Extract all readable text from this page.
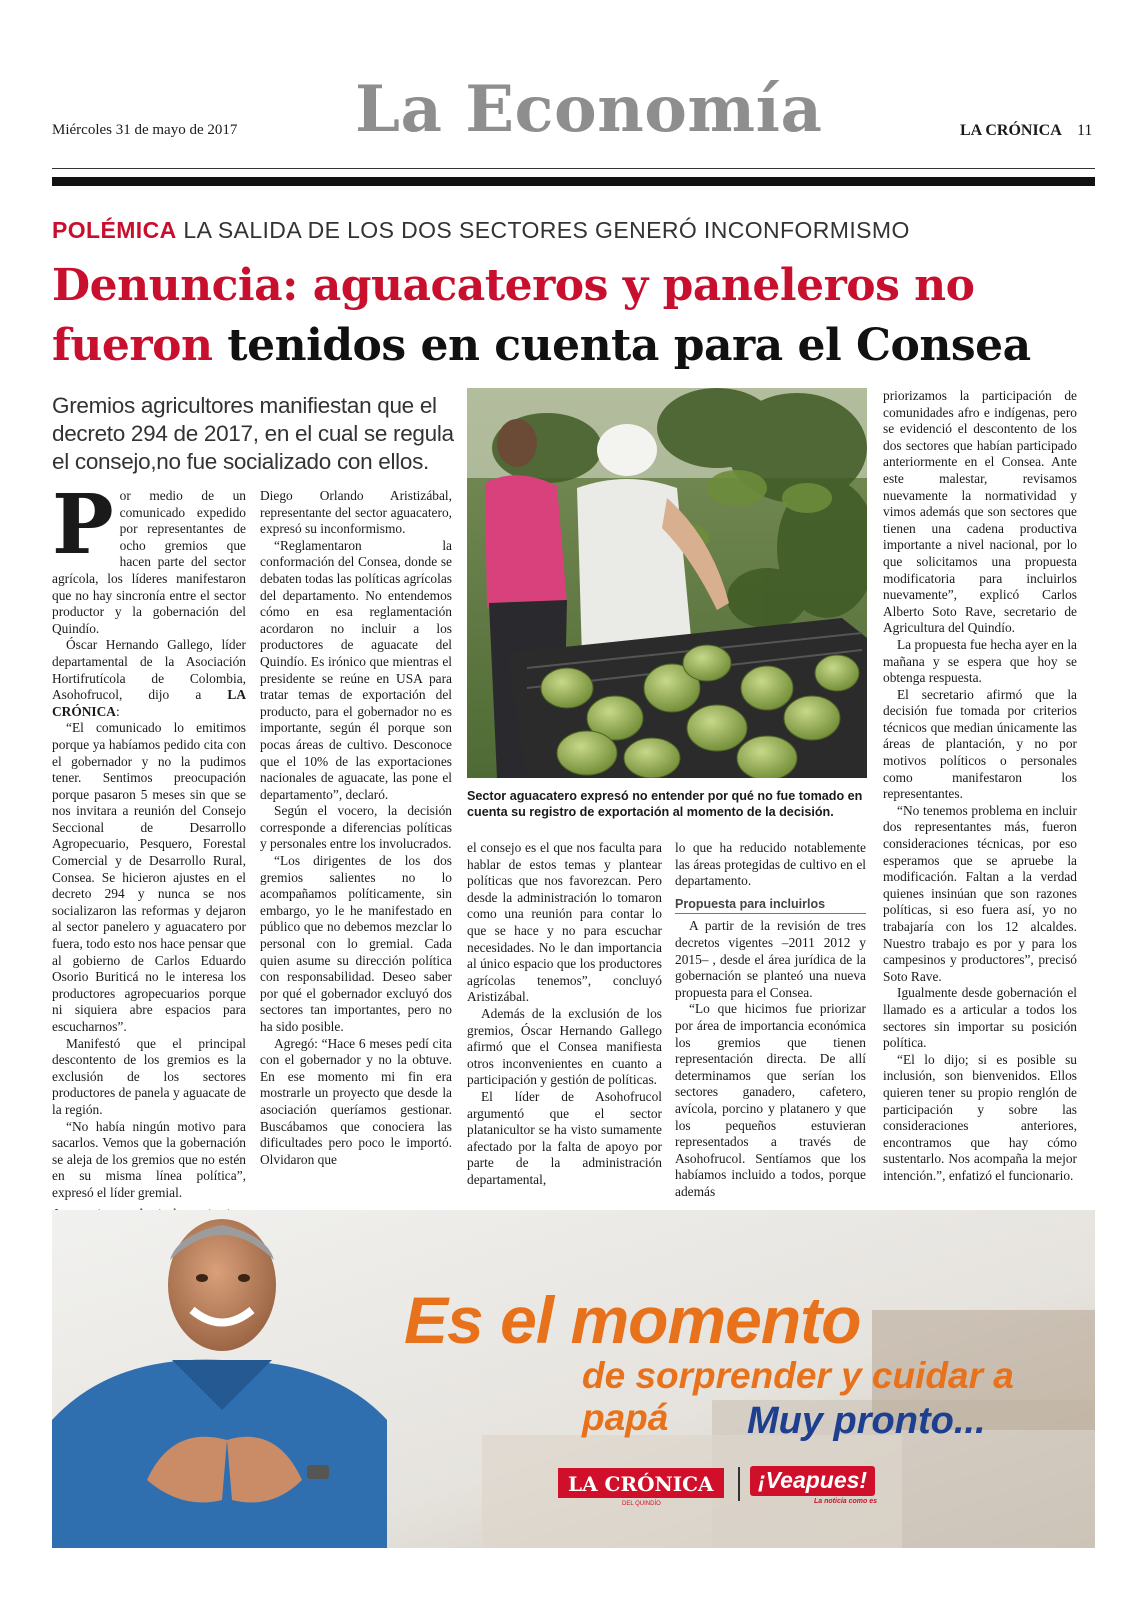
Miércoles 31 de mayo de 2017 La Economía	LA CRÓNICA 11
POLÉMICA LA SALIDA DE LOS DOS SECTORES GENERÓ INCONFORMISMO
Denuncia: aguacateros y paneleros no fueron tenidos en cuenta para el Consea
Gremios agricultores manifiestan que el decreto 294 de 2017, en el cual se regula el consejo,no fue socializado con ellos.

Por medio de un comunicado expedido por representantes de ocho gremios que hacen parte del sector agrícola, los líderes manifestaron que no hay sincronía entre el sector productor y la gobernación del Quindío.

Óscar Hernando Gallego, líder departamental de la Asociación Hortifrutícola de Colombia, Asohofrucol, dijo a LA CRÓNICA:

“El comunicado lo emitimos porque ya habíamos pedido cita con el gobernador y no la pudimos tener. Sentimos preocupación porque pasaron 5 meses sin que se nos invitara a reunión del Consejo Seccional de Desarrollo Agropecuario, Pesquero, Forestal Comercial y de Desarrollo Rural, Consea. Se hicieron ajustes en el decreto 294 y nunca se nos socializaron las reformas y dejaron al sector panelero y aguacatero por fuera, todo esto nos hace pensar que al gobierno de Carlos Eduardo Osorio Buriticá no le interesa los productores agropecuarios porque ni siquiera abre espacios para escucharnos”.

Manifestó que el principal descontento de los gremios es la exclusión de los sectores productores de panela y aguacate de la región.

“No había ningún motivo para sacarlos. Vemos que la gobernación se aleja de los gremios que no estén en su misma línea política”, expresó el líder gremial.

Diego Orlando Aristizábal, representante del sector aguacatero, expresó su inconformismo.

“Reglamentaron la conformación del Consea, donde se debaten todas las políticas agrícolas del departamento. No entendemos cómo en esa reglamentación acordaron no incluir a los productores de aguacate del Quindío. Es irónico que mientras el presidente se reúne en USA para tratar temas de exportación del producto, para el gobernador no es importante, según él porque son pocas áreas de cultivo. Desconoce que el 10% de las exportaciones nacionales de aguacate, las pone el departamento”, declaró.

Según el vocero, la decisión corresponde a diferencias políticas y personales entre los involucrados.

“Los dirigentes de los dos gremios salientes no lo acompañamos políticamente, sin embargo, yo le he manifestado en público que no debemos mezclar lo personal con lo gremial. Cada quien asume su dirección política con responsabilidad. Deseo saber por qué el gobernador excluyó dos sectores tan importantes, pero no ha sido posible.

Agregó: “Hace 6 meses pedí cita con el gobernador y no la obtuve. En ese momento mi fin era mostrarle un proyecto que desde la asociación queríamos gestionar. Buscábamos que conociera las dificultades pero poco le importó. Olvidaron que

Sector aguacatero expresó no entender por qué no fue tomado en cuenta su registro de exportación al momento de la decisión.

el consejo es el que nos faculta para hablar de estos temas y plantear políticas que nos favorezcan. Pero desde la administración lo tomaron como una reunión para contar lo que se hace y no para escuchar necesidades. No le dan importancia al único espacio que los productores agrícolas tenemos”, concluyó Aristizábal.

Además de la exclusión de los gremios, Óscar Hernando Gallego afirmó que el Consea manifiesta otros inconvenientes en cuanto a participación y gestión de políticas.

El líder de Asohofrucol argumentó que el sector platanicultor se ha visto sumamente afectado por la falta de apoyo por parte de la administración departamental,

lo que ha reducido notablemente las áreas protegidas de cultivo en el departamento.

Propuesta para incluirlos

A partir de la revisión de tres decretos vigentes –2011 2012 y 2015– , desde el área jurídica de la gobernación se planteó una nueva propuesta para el Consea.

“Lo que hicimos fue priorizar por área de importancia económica los gremios que tienen representación directa. De allí determinamos que serían los sectores ganadero, cafetero, avícola, porcino y platanero y que los pequeños estuvieran representados a través de Asohofrucol. Sentíamos que los habíamos incluido a todos, porque además

priorizamos la participación de comunidades afro e indígenas, pero se evidenció el descontento de los dos sectores que habían participado anteriormente en el Consea. Ante este malestar, revisamos nuevamente la normatividad y vimos además que son sectores que tienen una cadena productiva importante a nivel nacional, por lo que solicitamos una propuesta modificatoria para incluirlos nuevamente”, explicó Carlos Alberto Soto Rave, secretario de Agricultura del Quindío.

La propuesta fue hecha ayer en la mañana y se espera que hoy se obtenga respuesta.

El secretario afirmó que la decisión fue tomada por criterios técnicos que median únicamente las áreas de plantación, y no por motivos políticos o personales como manifestaron los representantes.

“No tenemos problema en incluir dos representantes más, fueron consideraciones técnicas, por eso esperamos que se apruebe la modificación. Faltan a la verdad quienes insinúan que son razones políticas, si eso fuera así, yo no trabajaría con los 12 alcaldes. Nuestro trabajo es por y para los campesinos y productores”, precisó Soto Rave.

Igualmente desde gobernación el llamado es a articular a todos los sectores sin importar su posición política.

“El lo dijo; si es posible su inclusión, son bienvenidos. Ellos quieren tener su propio renglón de participación y sobre las consideraciones anteriores, encontramos que hay cómo sustentarlo. Nos acompaña la mejor intención.”, enfatizó el funcionario.

Es el momento
de sorprender y cuidar a papá	Muy pronto...
LA CRÓNICA
DEL QUINDÍO
¡Veapues!
La noticia como es
